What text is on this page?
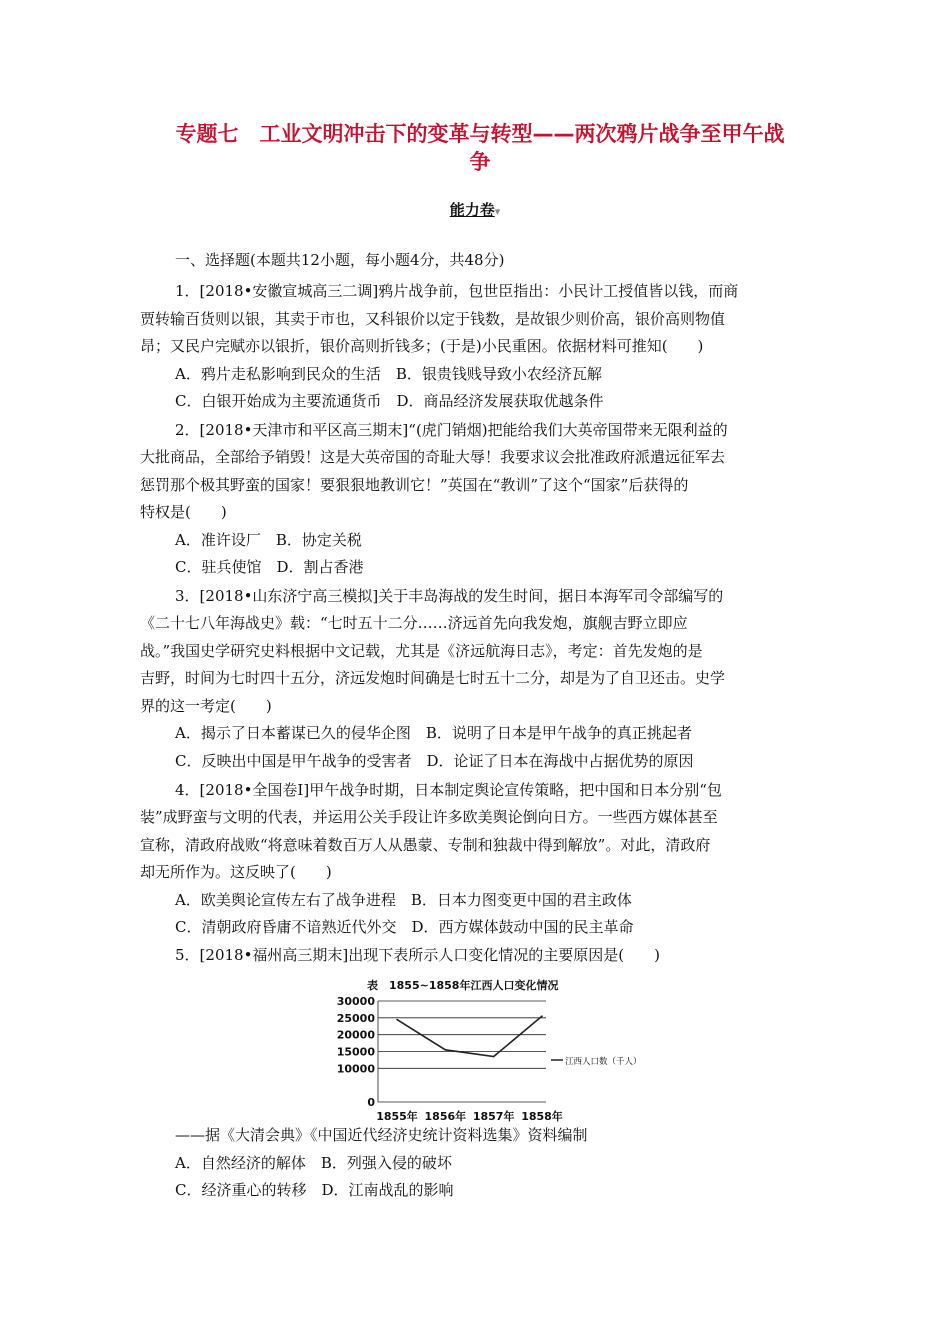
专题七　工业文明冲击下的变革与转型——两次鸦片战争至甲午战
争
能力卷▾
一、选择题(本题共12小题，每小题4分，共48分)
1．[2018•安徽宣城高三二调]鸦片战争前，包世臣指出：小民计工授值皆以钱，而商
贾转输百货则以银，其卖于市也，又科银价以定于钱数，是故银少则价高，银价高则物值
昂；又民户完赋亦以银折，银价高则折钱多；(于是)小民重困。依据材料可推知(　　)
A．鸦片走私影响到民众的生活　B．银贵钱贱导致小农经济瓦解
C．白银开始成为主要流通货币　D．商品经济发展获取优越条件
2．[2018•天津市和平区高三期末]“(虎门销烟)把能给我们大英帝国带来无限利益的
大批商品，全部给予销毁！这是大英帝国的奇耻大辱！我要求议会批准政府派遣远征军去
惩罚那个极其野蛮的国家！要狠狠地教训它！”英国在“教训”了这个“国家”后获得的
特权是(　　)
A．准许设厂　B．协定关税
C．驻兵使馆　D．割占香港
3．[2018•山东济宁高三模拟]关于丰岛海战的发生时间，据日本海军司令部编写的
《二十七八年海战史》载：“七时五十二分……济远首先向我发炮，旗舰吉野立即应
战。”我国史学研究史料根据中文记载，尤其是《济远航海日志》，考定：首先发炮的是
吉野，时间为七时四十五分，济远发炮时间确是七时五十二分，却是为了自卫还击。史学
界的这一考定(　　)
A．揭示了日本蓄谋已久的侵华企图　B．说明了日本是甲午战争的真正挑起者
C．反映出中国是甲午战争的受害者　D．论证了日本在海战中占据优势的原因
4．[2018•全国卷Ⅰ]甲午战争时期，日本制定舆论宣传策略，把中国和日本分别“包
装”成野蛮与文明的代表，并运用公关手段让许多欧美舆论倒向日方。一些西方媒体甚至
宣称，清政府战败“将意味着数百万人从愚蒙、专制和独裁中得到解放”。对此，清政府
却无所作为。这反映了(　　)
A．欧美舆论宣传左右了战争进程　B．日本力图变更中国的君主政体
C．清朝政府昏庸不谙熟近代外交　D．西方媒体鼓动中国的民主革命
5．[2018•福州高三期末]出现下表所示人口变化情况的主要原因是(　　)
表　1855~1858年江西人口变化情况
30000
25000
20000
15000
10000
0
1855年 1856年 1857年 1858年
江西人口数（千人）
——据《大清会典》《中国近代经济史统计资料选集》资料编制
A．自然经济的解体　B．列强入侵的破坏
C．经济重心的转移　D．江南战乱的影响
